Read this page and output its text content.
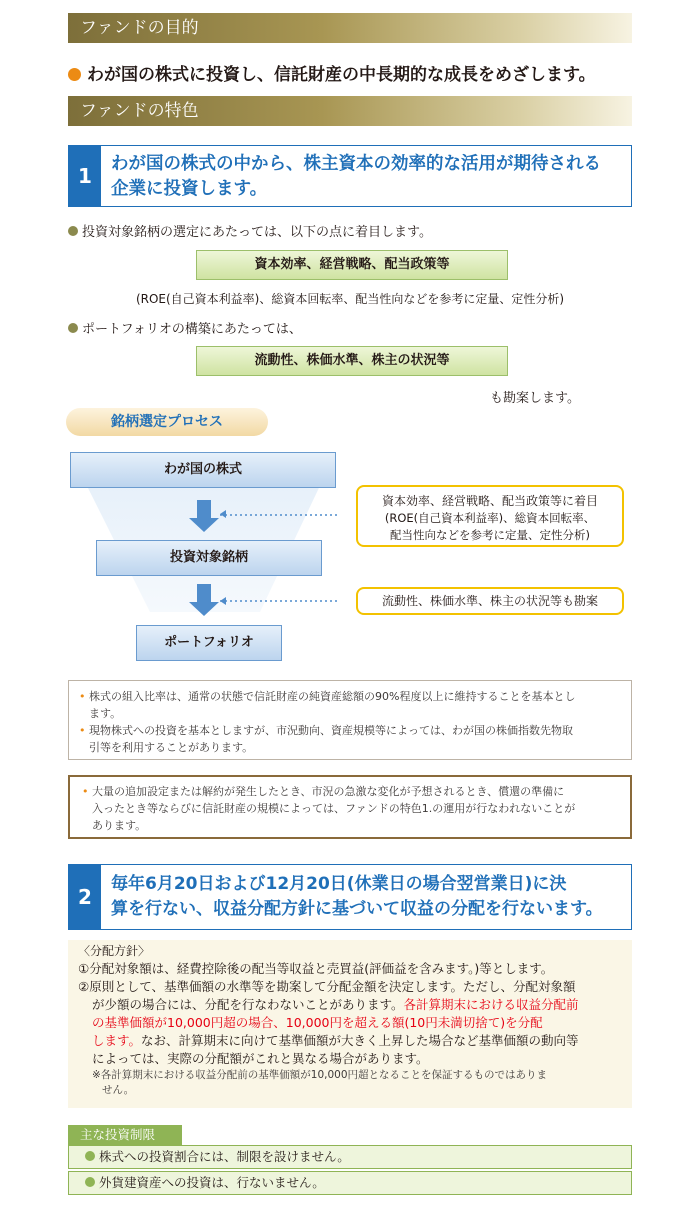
ファンドの目的
わが国の株式に投資し、信託財産の中長期的な成長をめざします。
ファンドの特色
1	わが国の株式の中から、株主資本の効率的な活用が期待される
企業に投資します。
投資対象銘柄の選定にあたっては、以下の点に着目します。
資本効率、経営戦略、配当政策等
(ROE(自己資本利益率)、総資本回転率、配当性向などを参考に定量、定性分析)
ポートフォリオの構築にあたっては、
流動性、株価水準、株主の状況等
も勘案します。
銘柄選定プロセス
わが国の株式
投資対象銘柄
ポートフォリオ
資本効率、経営戦略、配当政策等に着目
(ROE(自己資本利益率)、総資本回転率、
配当性向などを参考に定量、定性分析)
流動性、株価水準、株主の状況等も勘案
• 株式の組入比率は、通常の状態で信託財産の純資産総額の90%程度以上に維持することを基本とし
ます。
• 現物株式への投資を基本としますが、市況動向、資産規模等によっては、わが国の株価指数先物取
引等を利用することがあります。
• 大量の追加設定または解約が発生したとき、市況の急激な変化が予想されるとき、償還の準備に
入ったとき等ならびに信託財産の規模によっては、ファンドの特色1.の運用が行なわれないことが
あります。
2
毎年6月20日および12月20日(休業日の場合翌営業日)に決
算を行ない、収益分配方針に基づいて収益の分配を行ないます。
〈分配方針〉
①分配対象額は、経費控除後の配当等収益と売買益(評価益を含みます。)等とします。
②原則として、基準価額の水準等を勘案して分配金額を決定します。ただし、分配対象額
が少額の場合には、分配を行なわないことがあります。各計算期末における収益分配前
の基準価額が10,000円超の場合、10,000円を超える額(10円未満切捨て)を分配
します。なお、計算期末に向けて基準価額が大きく上昇した場合など基準価額の動向等
によっては、実際の分配額がこれと異なる場合があります。
※各計算期末における収益分配前の基準価額が10,000円超となることを保証するものではありま
せん。
主な投資制限
株式への投資割合には、制限を設けません。
外貨建資産への投資は、行ないません。
